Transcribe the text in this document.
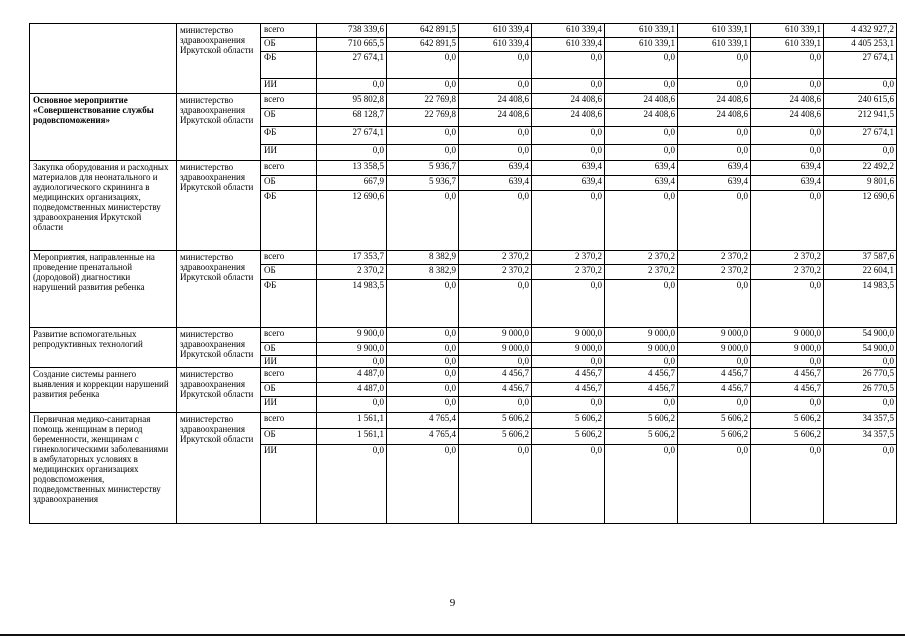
	министерство здравоохранения Иркутской области	всего	738 339,6	642 891,5	610 339,4	610 339,4	610 339,1	610 339,1	610 339,1	4 432 927,2
		ОБ	710 665,5	642 891,5	610 339,4	610 339,4	610 339,1	610 339,1	610 339,1	4 405 253,1
		ФБ	27 674,1	0,0	0,0	0,0	0,0	0,0	0,0	27 674,1
		ИИ	0,0	0,0	0,0	0,0	0,0	0,0	0,0	0,0
Основное мероприятие «Совершенствование службы родовспоможения»	министерство здравоохранения Иркутской области	всего	95 802,8	22 769,8	24 408,6	24 408,6	24 408,6	24 408,6	24 408,6	240 615,6
		ОБ	68 128,7	22 769,8	24 408,6	24 408,6	24 408,6	24 408,6	24 408,6	212 941,5
		ФБ	27 674,1	0,0	0,0	0,0	0,0	0,0	0,0	27 674,1
		ИИ	0,0	0,0	0,0	0,0	0,0	0,0	0,0	0,0
Закупка оборудования и расходных материалов для неонатального и аудиологического скрининга в медицинских организациях, подведомственных министерству здравоохранения Иркутской области	министерство здравоохранения Иркутской области	всего	13 358,5	5 936,7	639,4	639,4	639,4	639,4	639,4	22 492,2
		ОБ	667,9	5 936,7	639,4	639,4	639,4	639,4	639,4	9 801,6
		ФБ	12 690,6	0,0	0,0	0,0	0,0	0,0	0,0	12 690,6
Мероприятия, направленные на проведение пренатальной (дородовой) диагностики нарушений развития ребенка	министерство здравоохранения Иркутской области	всего	17 353,7	8 382,9	2 370,2	2 370,2	2 370,2	2 370,2	2 370,2	37 587,6
		ОБ	2 370,2	8 382,9	2 370,2	2 370,2	2 370,2	2 370,2	2 370,2	22 604,1
		ФБ	14 983,5	0,0	0,0	0,0	0,0	0,0	0,0	14 983,5
Развитие вспомогательных репродуктивных технологий	министерство здравоохранения Иркутской области	всего	9 900,0	0,0	9 000,0	9 000,0	9 000,0	9 000,0	9 000,0	54 900,0
		ОБ	9 900,0	0,0	9 000,0	9 000,0	9 000,0	9 000,0	9 000,0	54 900,0
		ИИ	0,0	0,0	0,0	0,0	0,0	0,0	0,0	0,0
Создание системы раннего выявления и коррекции нарушений развития ребенка	министерство здравоохранения Иркутской области	всего	4 487,0	0,0	4 456,7	4 456,7	4 456,7	4 456,7	4 456,7	26 770,5
		ОБ	4 487,0	0,0	4 456,7	4 456,7	4 456,7	4 456,7	4 456,7	26 770,5
		ИИ	0,0	0,0	0,0	0,0	0,0	0,0	0,0	0,0
Первичная медико-санитарная помощь женщинам в период беременности, женщинам с гинекологическими заболеваниями в амбулаторных условиях в медицинских организациях родовспоможения, подведомственных министерству здравоохранения	министерство здравоохранения Иркутской области	всего	1 561,1	4 765,4	5 606,2	5 606,2	5 606,2	5 606,2	5 606,2	34 357,5
		ОБ	1 561,1	4 765,4	5 606,2	5 606,2	5 606,2	5 606,2	5 606,2	34 357,5
		ИИ	0,0	0,0	0,0	0,0	0,0	0,0	0,0	0,0
9
